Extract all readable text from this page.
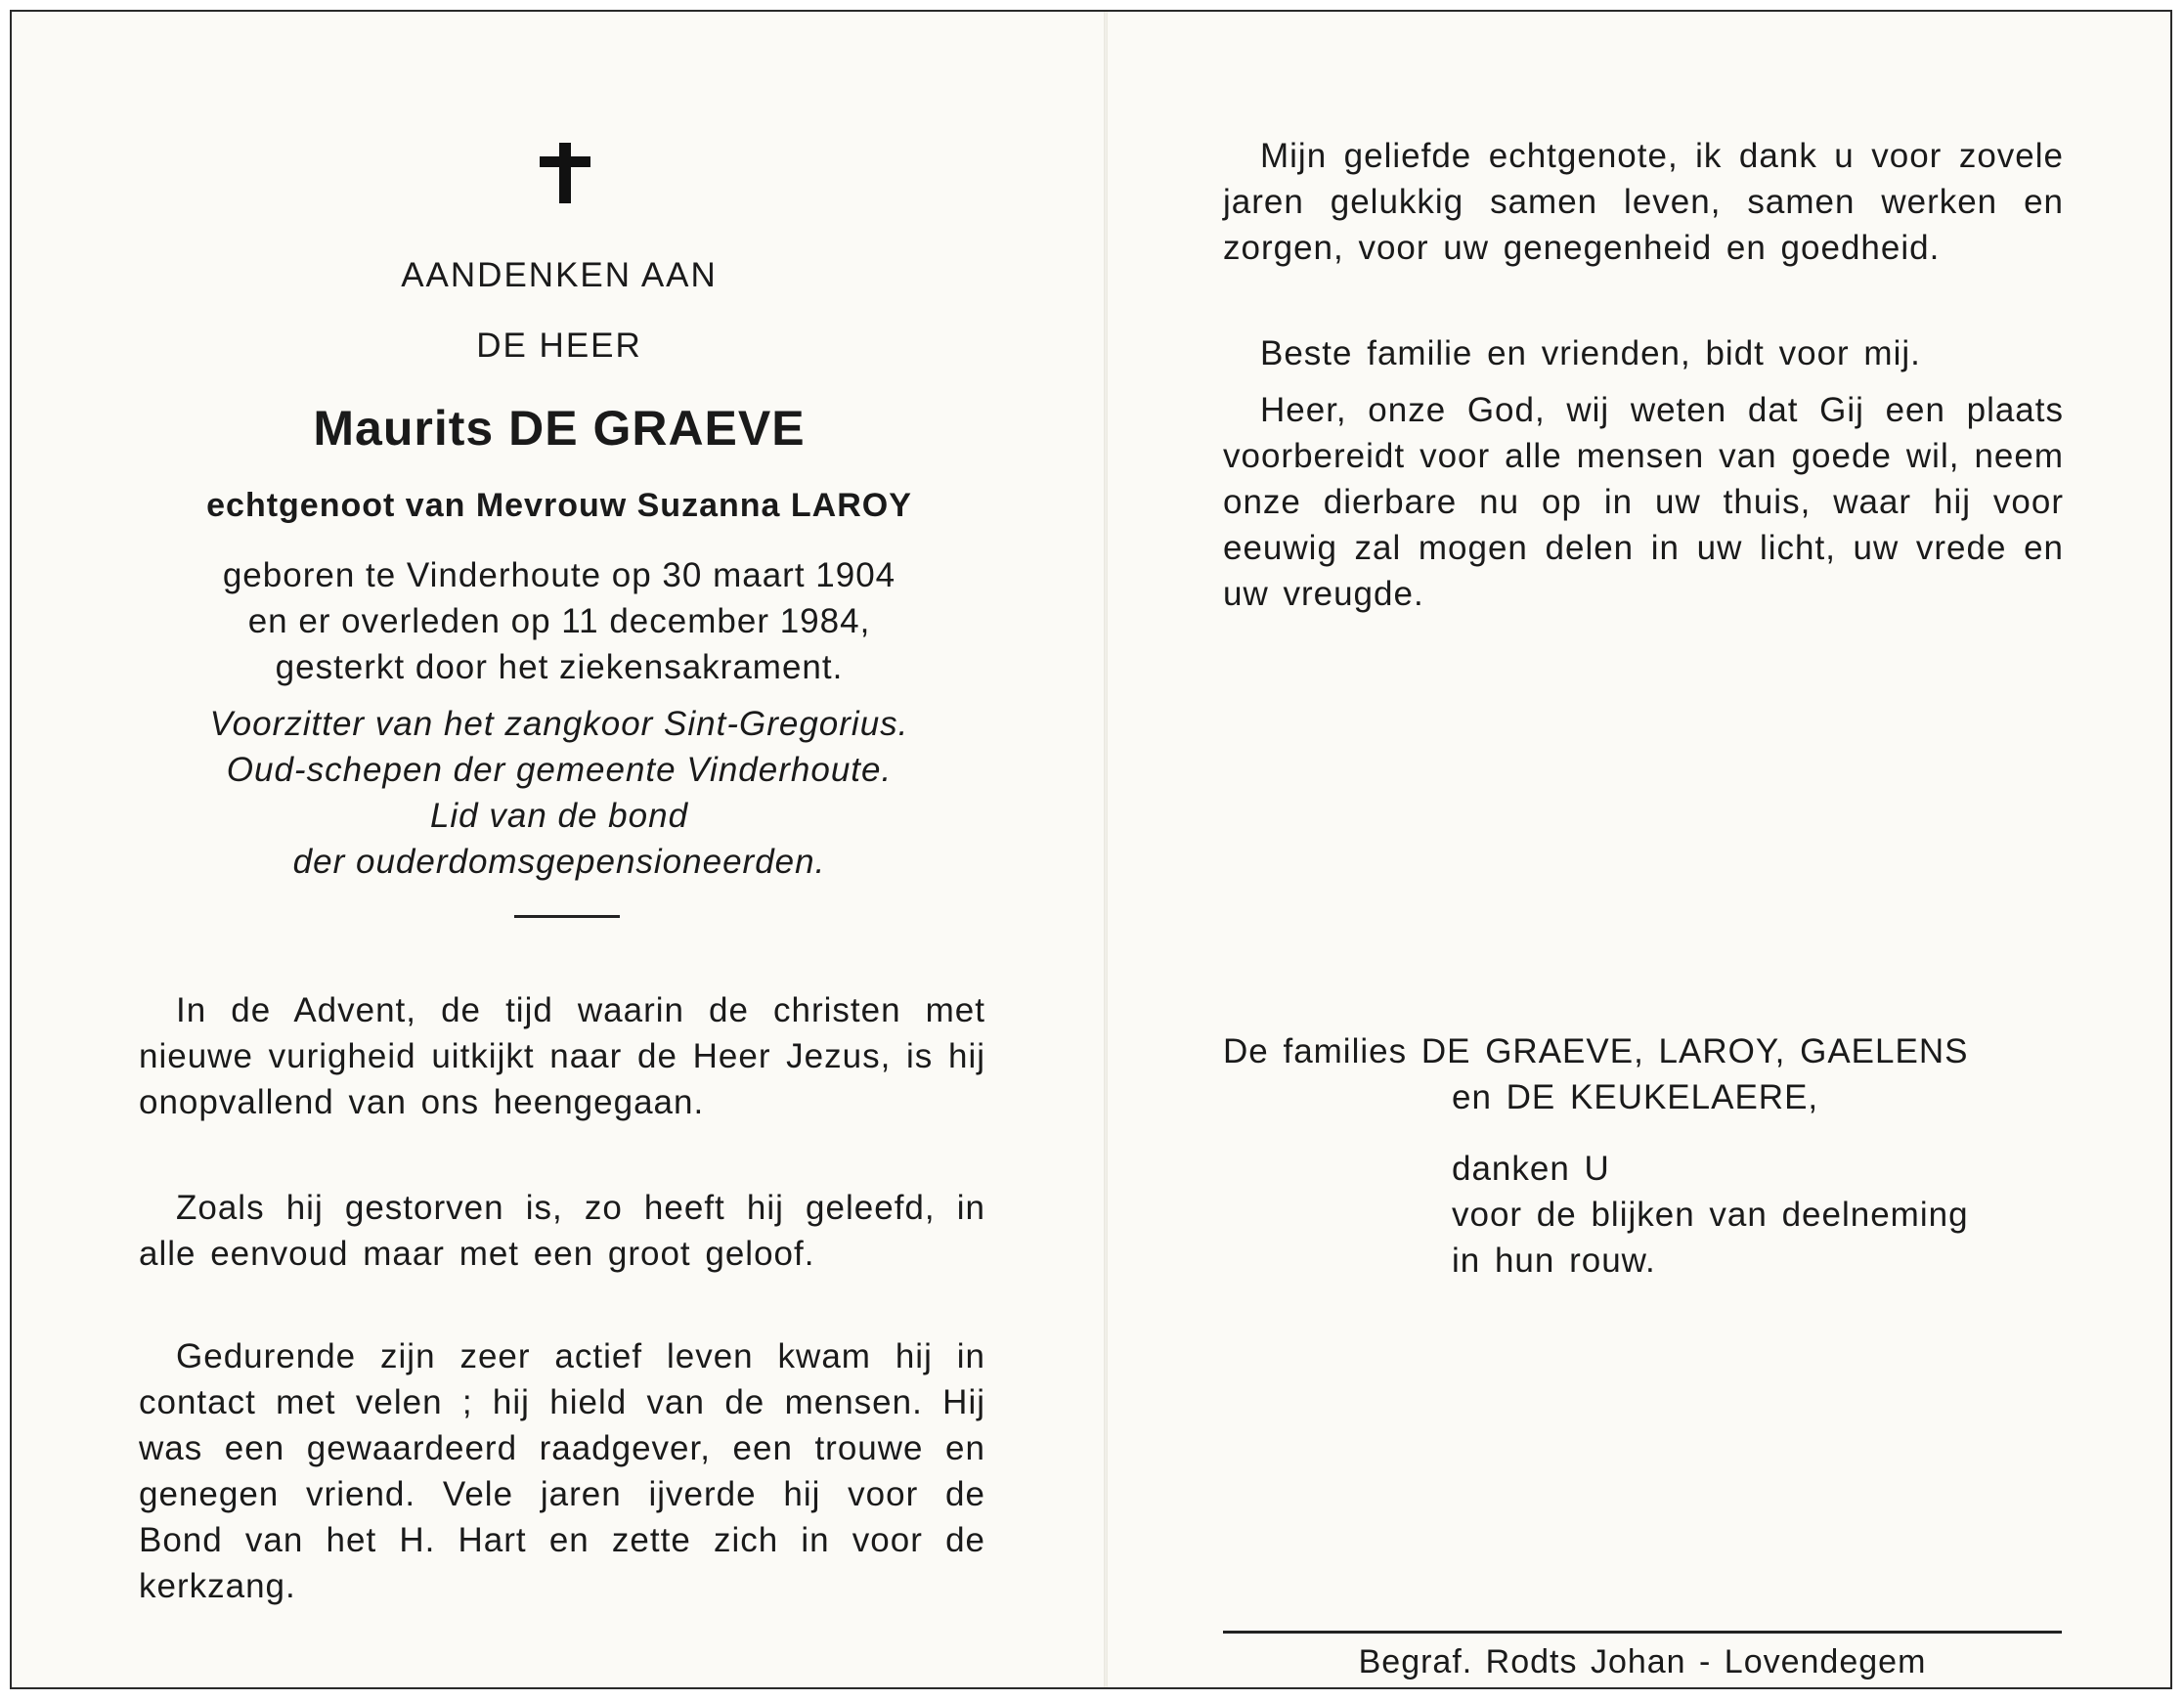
AANDENKEN AAN
DE HEER
Maurits DE GRAEVE
echtgenoot van Mevrouw Suzanna LAROY
geboren te Vinderhoute op 30 maart 1904
en er overleden op 11 december 1984,
gesterkt door het ziekensakrament.
Voorzitter van het zangkoor Sint-Gregorius.
Oud-schepen der gemeente Vinderhoute.
Lid van de bond
der ouderdomsgepensioneerden.

In de Advent, de tijd waarin de christen met nieuwe vurigheid uitkijkt naar de Heer Jezus, is hij onopvallend van ons heengegaan.

Zoals hij gestorven is, zo heeft hij geleefd, in alle eenvoud maar met een groot geloof.

Gedurende zijn zeer actief leven kwam hij in contact met velen ; hij hield van de mensen. Hij was een gewaardeerd raadgever, een trouwe en genegen vriend. Vele jaren ijverde hij voor de Bond van het H. Hart en zette zich in voor de kerkzang.

Mijn geliefde echtgenote, ik dank u voor zovele jaren gelukkig samen leven, samen werken en zorgen, voor uw genegenheid en goedheid.

Beste familie en vrienden, bidt voor mij.

Heer, onze God, wij weten dat Gij een plaats voorbereidt voor alle mensen van goede wil, neem onze dierbare nu op in uw thuis, waar hij voor eeuwig zal mogen delen in uw licht, uw vrede en uw vreugde.

De families DE GRAEVE, LAROY, GAELENS
en DE KEUKELAERE,
danken U
voor de blijken van deelneming
in hun rouw.
Begraf. Rodts Johan - Lovendegem
